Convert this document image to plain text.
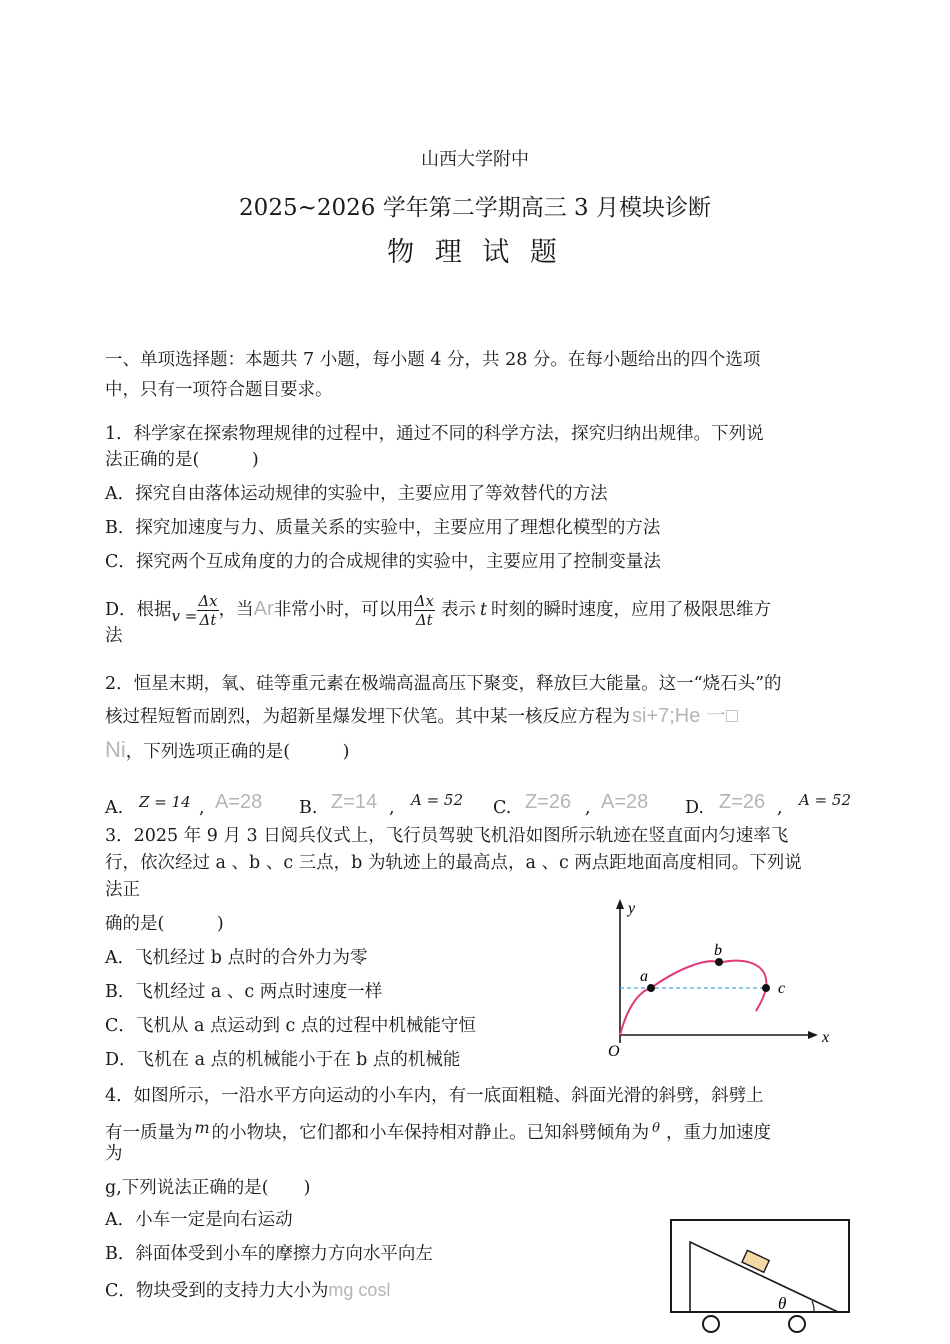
山西大学附中
2025~2026 学年第二学期高三 3 月模块诊断
物 理 试 题
一、单项选择题：本题共 7 小题，每小题 4 分，共 28 分。在每小题给出的四个选项
中，只有一项符合题目要求。
1．科学家在探索物理规律的过程中，通过不同的科学方法，探究归纳出规律。下列说
法正确的是(　　　)
A．探究自由落体运动规律的实验中，主要应用了等效替代的方法
B．探究加速度与力、质量关系的实验中，主要应用了理想化模型的方法
C．探究两个互成角度的力的合成规律的实验中，主要应用了控制变量法
D．根据$v = \frac{\Delta x}{\Delta t}$ ，当Ar非常小时，可以用 $\frac{\Delta x}{\Delta t}$ 表示 t 时刻的瞬时速度，应用了极限思维方
法
2．恒星末期，氧、硅等重元素在极端高温高压下聚变，释放巨大能量。这一“烧石头”的
核过程短暂而剧烈，为超新星爆发埋下伏笔。其中某一核反应方程为 si+7;He 一□
Ni，下列选项正确的是(　　　)
A. Z = 14 , A=28 B. Z=14 , A = 52 C. Z=26 , A=28 D. Z=26 , A = 52
3．2025 年 9 月 3 日阅兵仪式上，飞行员驾驶飞机沿如图所示轨迹在竖直面内匀速率飞
行，依次经过 a 、b 、c 三点，b 为轨迹上的最高点，a 、c 两点距地面高度相同。下列说
法正
确的是(　　　)
A．飞机经过 b 点时的合外力为零
B．飞机经过 a 、c 两点时速度一样
C．飞机从 a 点运动到 c 点的过程中机械能守恒
D．飞机在 a 点的机械能小于在 b 点的机械能
y
x
O
a
b
c
4．如图所示，一沿水平方向运动的小车内，有一底面粗糙、斜面光滑的斜劈，斜劈上
有一质量为 m 的小物块，它们都和小车保持相对静止。已知斜劈倾角为 $^\theta$ ，重力加速度
为
g,下列说法正确的是(　　)
A．小车一定是向右运动
B．斜面体受到小车的摩擦力方向水平向左
C．物块受到的支持力大小为mg cosl
θ
